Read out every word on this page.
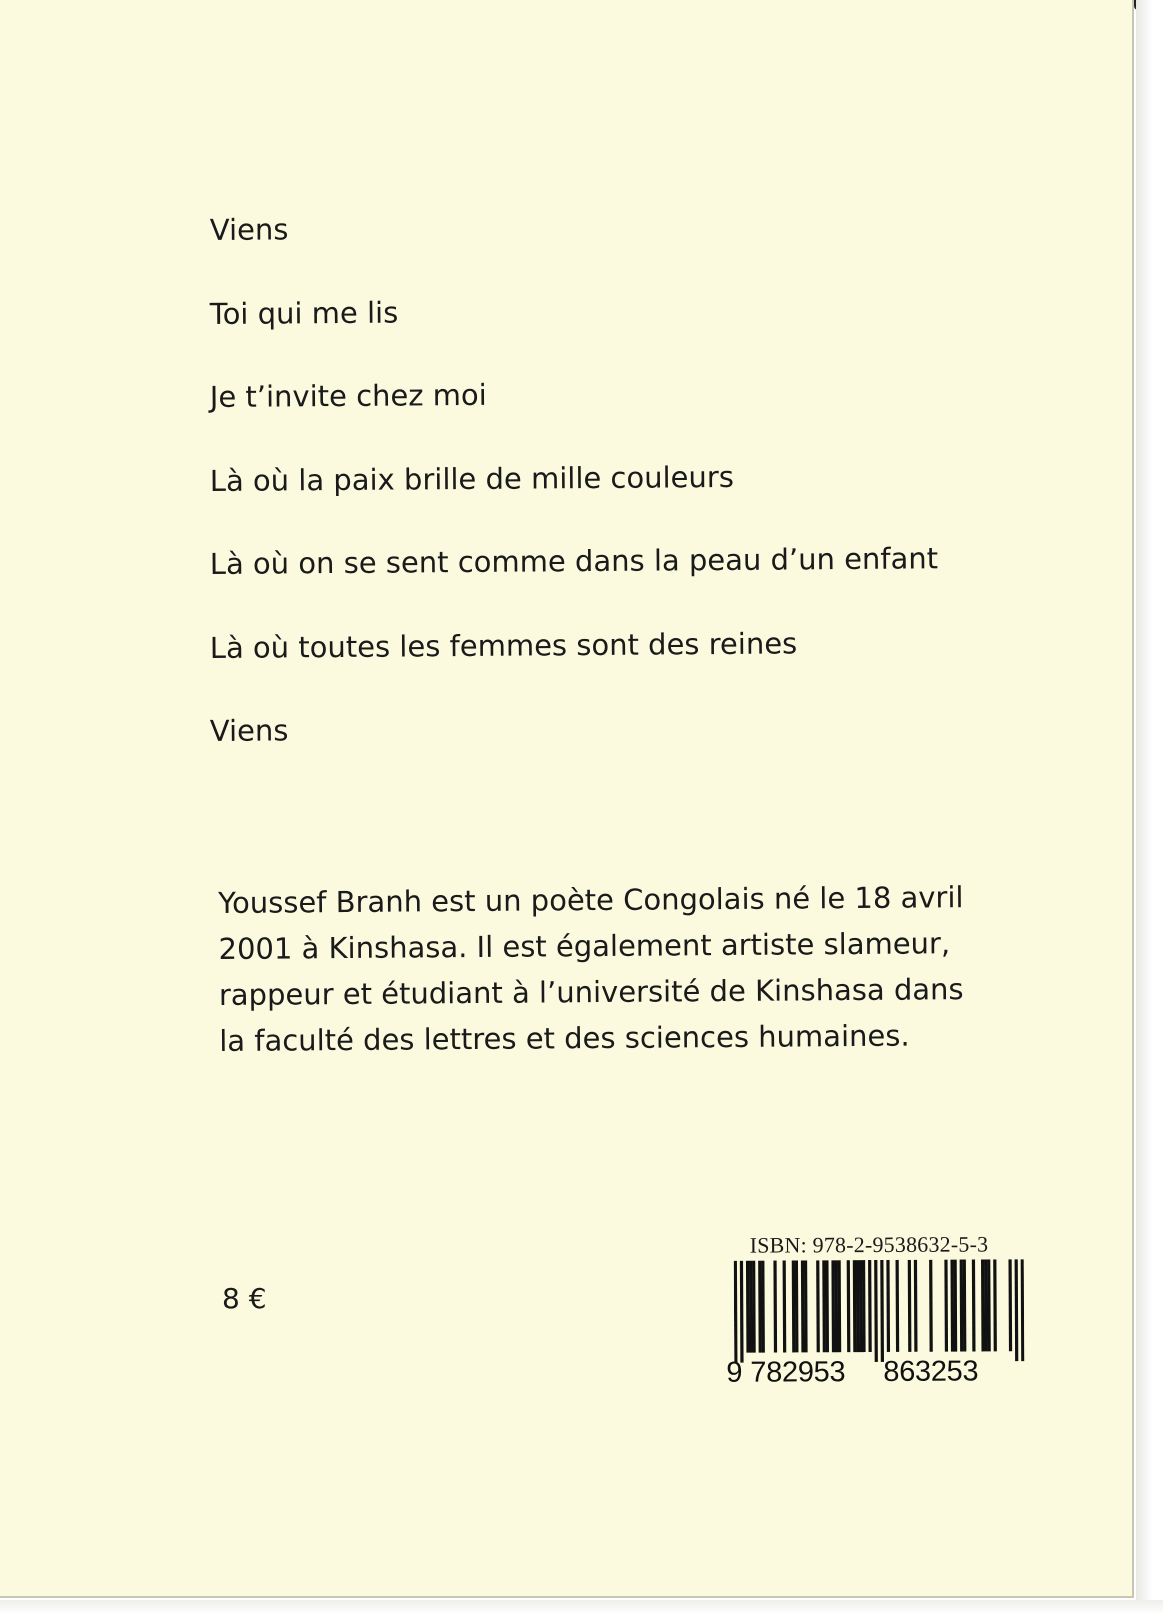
Viens
Toi qui me lis
Je t’invite chez moi
Là où la paix brille de mille couleurs
Là où on se sent comme dans la peau d’un enfant
Là où toutes les femmes sont des reines
Viens
Youssef Branh est un poète Congolais né le 18 avril
2001 à Kinshasa. Il est également artiste slameur,
rappeur et étudiant à l’université de Kinshasa dans
la faculté des lettres et des sciences humaines.
8 €
ISBN: 978-2-9538632-5-3
9 782953 863253
